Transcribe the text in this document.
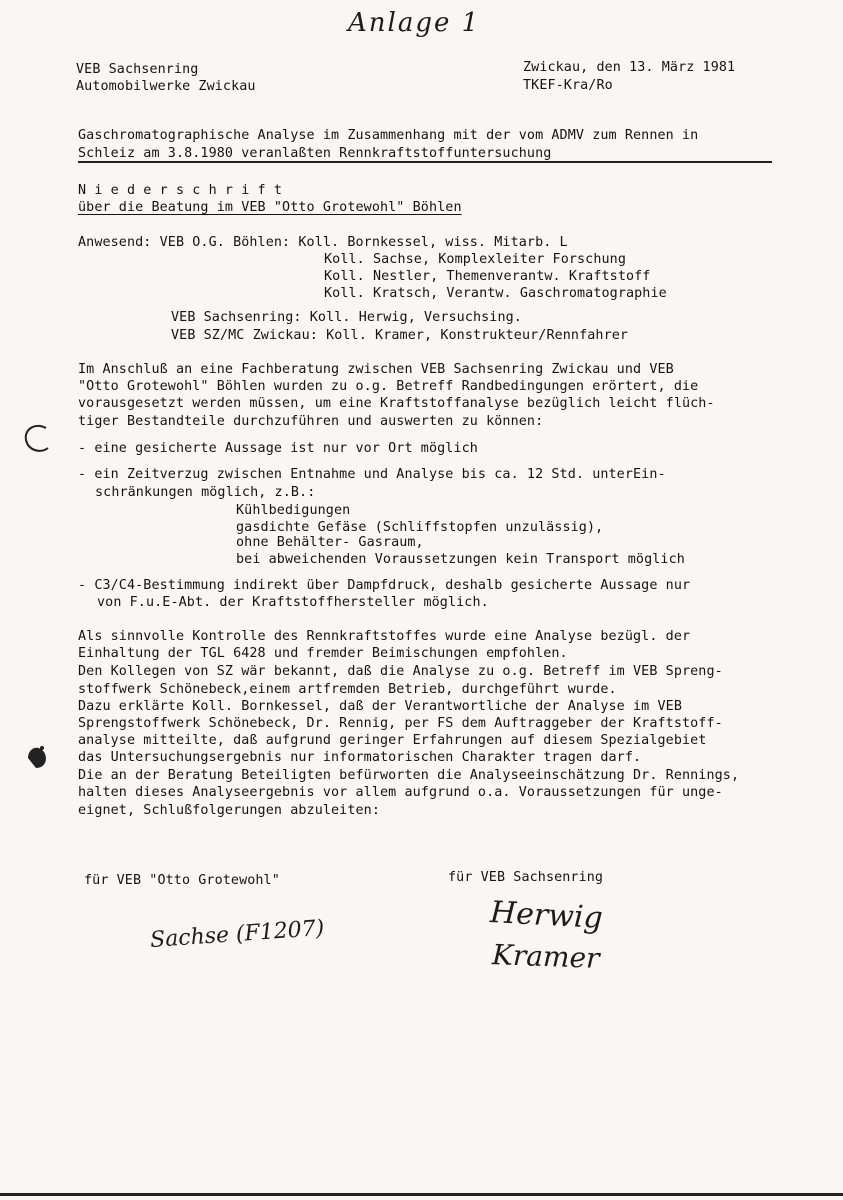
Anlage 1
VEB Sachsenring
Automobilwerke Zwickau
Zwickau, den 13. März 1981
TKEF-Kra/Ro
Gaschromatographische Analyse im Zusammenhang mit der vom ADMV zum Rennen in
Schleiz am 3.8.1980 veranlaßten Rennkraftstoffuntersuchung
N i e d e r s c h r i f t
über die Beatung im VEB "Otto Grotewohl" Böhlen
Anwesend: VEB O.G. Böhlen: Koll. Bornkessel, wiss. Mitarb. L
Koll. Sachse, Komplexleiter Forschung
Koll. Nestler, Themenverantw. Kraftstoff
Koll. Kratsch, Verantw. Gaschromatographie
VEB Sachsenring: Koll. Herwig, Versuchsing.
VEB SZ/MC Zwickau: Koll. Kramer, Konstrukteur/Rennfahrer
Im Anschluß an eine Fachberatung zwischen VEB Sachsenring Zwickau und VEB
"Otto Grotewohl" Böhlen wurden zu o.g. Betreff Randbedingungen erörtert, die
vorausgesetzt werden müssen, um eine Kraftstoffanalyse bezüglich leicht flüch-
tiger Bestandteile durchzuführen und auswerten zu können:
- eine gesicherte Aussage ist nur vor Ort möglich
- ein Zeitverzug zwischen Entnahme und Analyse bis ca. 12 Std. unterEin-
schränkungen möglich, z.B.:
Kühlbedigungen
gasdichte Gefäse (Schliffstopfen unzulässig),
ohne Behälter- Gasraum,
bei abweichenden Voraussetzungen kein Transport möglich
- C3/C4-Bestimmung indirekt über Dampfdruck, deshalb gesicherte Aussage nur
von F.u.E-Abt. der Kraftstoffhersteller möglich.
Als sinnvolle Kontrolle des Rennkraftstoffes wurde eine Analyse bezügl. der
Einhaltung der TGL 6428 und fremder Beimischungen empfohlen.
Den Kollegen von SZ wär bekannt, daß die Analyse zu o.g. Betreff im VEB Spreng-
stoffwerk Schönebeck,einem artfremden Betrieb, durchgeführt wurde.
Dazu erklärte Koll. Bornkessel, daß der Verantwortliche der Analyse im VEB
Sprengstoffwerk Schönebeck, Dr. Rennig, per FS dem Auftraggeber der Kraftstoff-
analyse mitteilte, daß aufgrund geringer Erfahrungen auf diesem Spezialgebiet
das Untersuchungsergebnis nur informatorischen Charakter tragen darf.
Die an der Beratung Beteiligten befürworten die Analyseeinschätzung Dr. Rennings,
halten dieses Analyseergebnis vor allem aufgrund o.a. Voraussetzungen für unge-
eignet, Schlußfolgerungen abzuleiten:
für VEB "Otto Grotewohl"	für VEB Sachsenring
Sachse (F1207)	Herwig
Kramer
